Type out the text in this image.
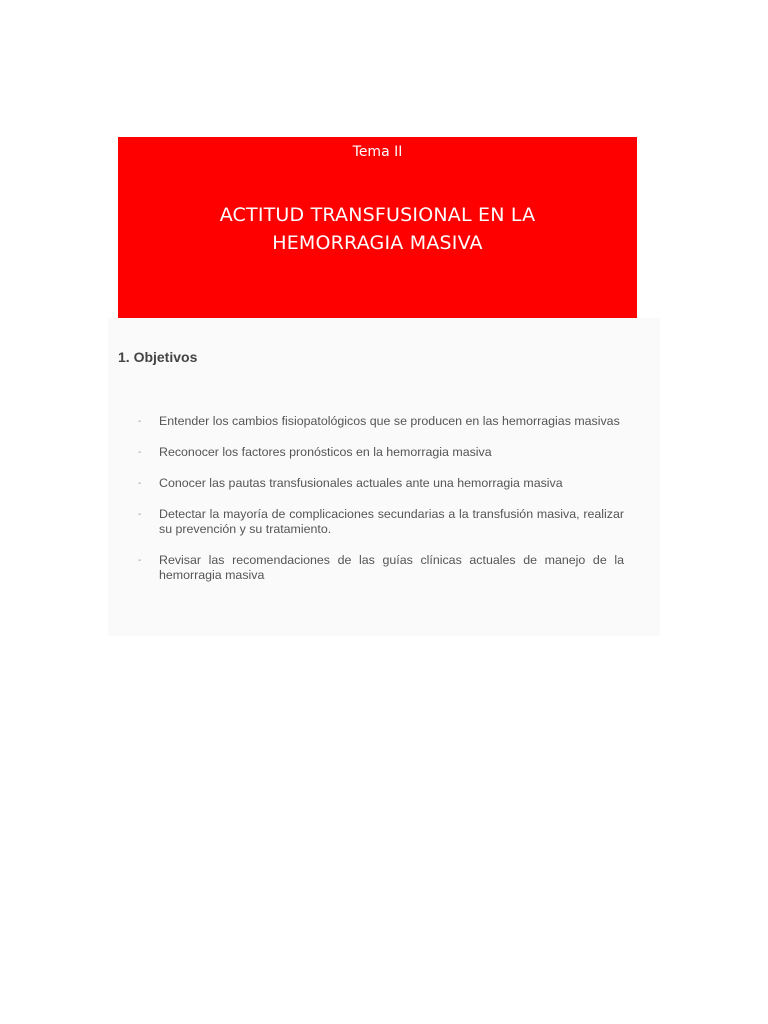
Tema II
ACTITUD TRANSFUSIONAL EN LA
HEMORRAGIA MASIVA
1. Objetivos
- Entender los cambios fisiopatológicos que se producen en las hemorragias masivas
- Reconocer los factores pronósticos en la hemorragia masiva
- Conocer las pautas transfusionales actuales ante una hemorragia masiva
- Detectar la mayoría de complicaciones secundarias a la transfusión masiva, realizar su prevención y su tratamiento.
- Revisar las recomendaciones de las guías clínicas actuales de manejo de la hemorragia masiva
